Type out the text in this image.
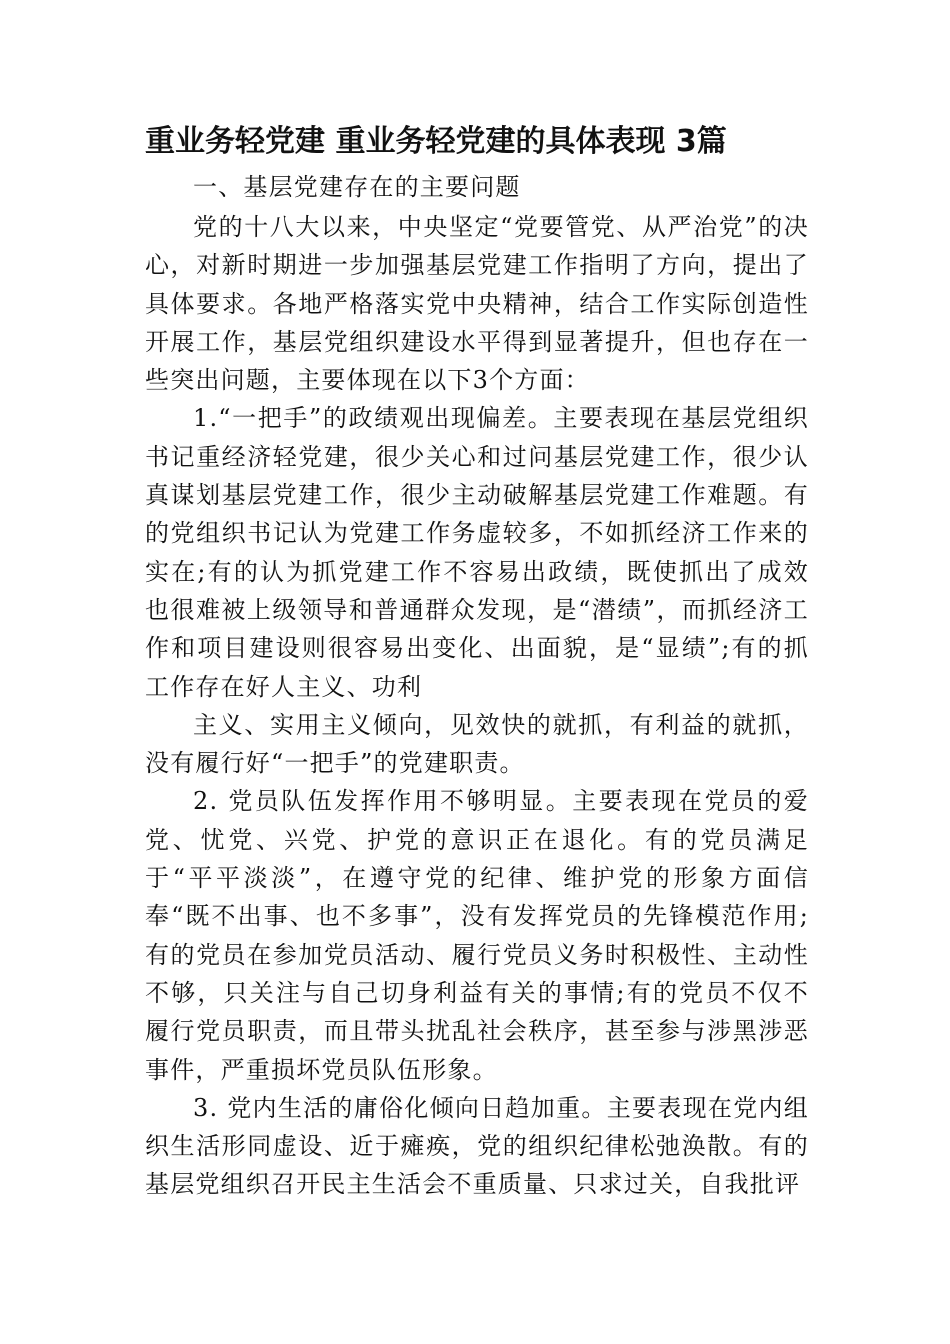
重业务轻党建 重业务轻党建的具体表现 3篇

一、基层党建存在的主要问题

党的十八大以来，中央坚定“党要管党、从严治党”的决心，对新时期进一步加强基层党建工作指明了方向，提出了具体要求。各地严格落实党中央精神，结合工作实际创造性开展工作，基层党组织建设水平得到显著提升，但也存在一些突出问题，主要体现在以下3个方面：

1.“一把手”的政绩观出现偏差。主要表现在基层党组织书记重经济轻党建，很少关心和过问基层党建工作，很少认真谋划基层党建工作，很少主动破解基层党建工作难题。有的党组织书记认为党建工作务虚较多，不如抓经济工作来的实在;有的认为抓党建工作不容易出政绩，既使抓出了成效也很难被上级领导和普通群众发现，是“潜绩”，而抓经济工作和项目建设则很容易出变化、出面貌，是“显绩”;有的抓工作存在好人主义、功利

主义、实用主义倾向，见效快的就抓，有利益的就抓，没有履行好“一把手”的党建职责。

2. 党员队伍发挥作用不够明显。主要表现在党员的爱党、忧党、兴党、护党的意识正在退化。有的党员满足于“平平淡淡”，在遵守党的纪律、维护党的形象方面信奉“既不出事、也不多事”，没有发挥党员的先锋模范作用;有的党员在参加党员活动、履行党员义务时积极性、主动性不够，只关注与自己切身利益有关的事情;有的党员不仅不履行党员职责，而且带头扰乱社会秩序，甚至参与涉黑涉恶事件，严重损坏党员队伍形象。

3. 党内生活的庸俗化倾向日趋加重。主要表现在党内组织生活形同虚设、近于瘫痪，党的组织纪律松弛涣散。有的基层党组织召开民主生活会不重质量、只求过关，自我批评
